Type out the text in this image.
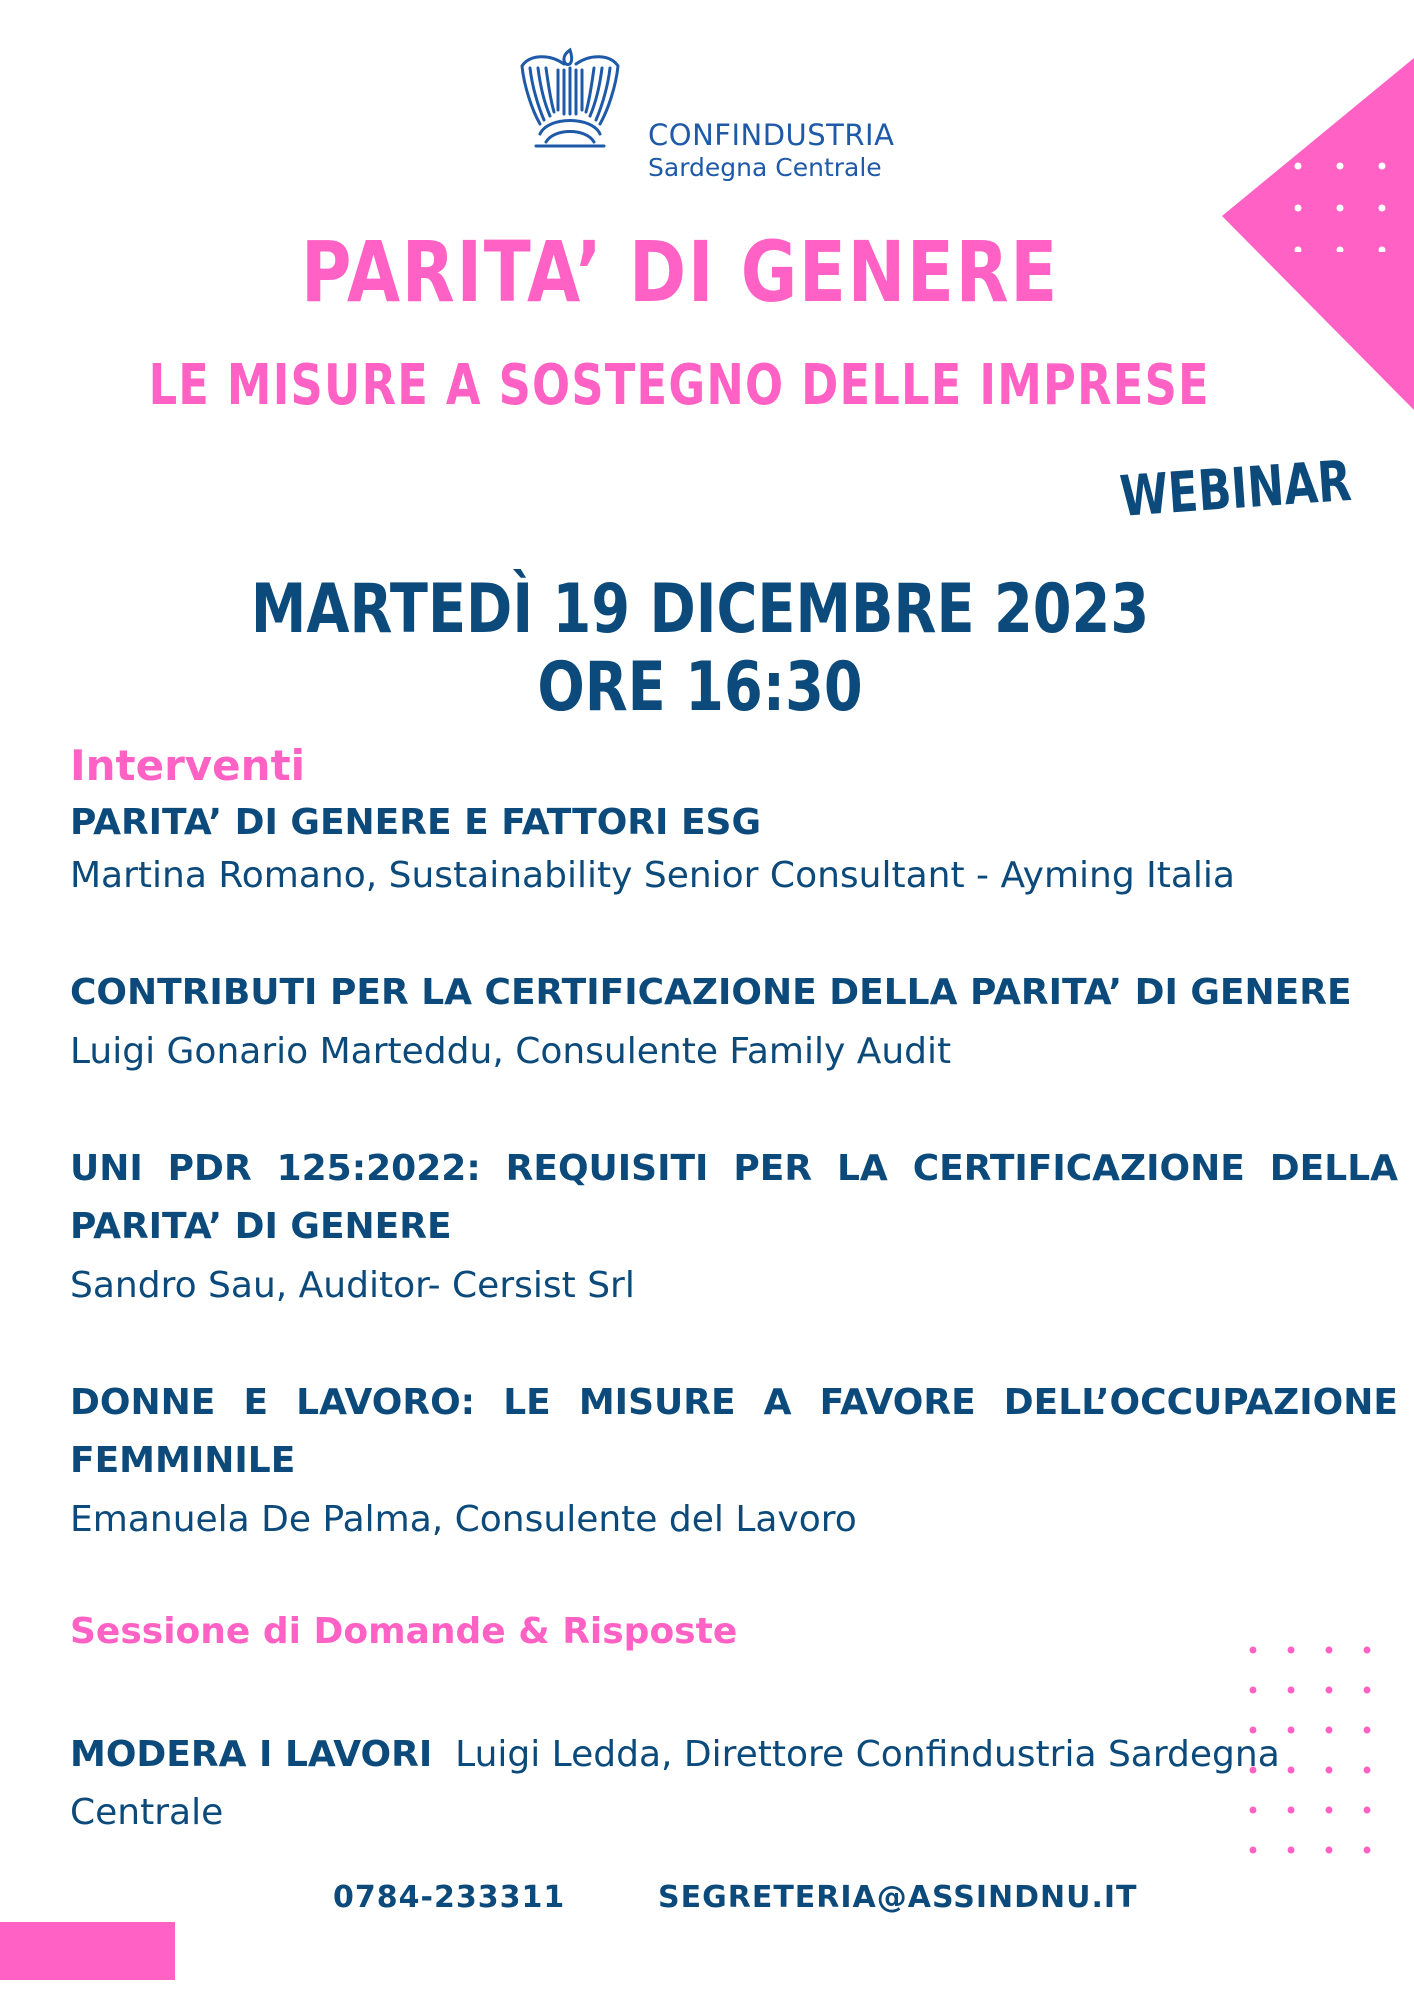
CONFINDUSTRIA
Sardegna Centrale
PARITA’ DI GENERE
LE MISURE A SOSTEGNO DELLE IMPRESE
WEBINAR
MARTEDÌ 19 DICEMBRE 2023
ORE 16:30
Interventi
PARITA’ DI GENERE E FATTORI ESG
Martina Romano, Sustainability Senior Consultant - Ayming Italia
CONTRIBUTI PER LA CERTIFICAZIONE DELLA PARITA’ DI GENERE
Luigi Gonario Marteddu, Consulente Family Audit
UNI PDR 125:2022: REQUISITI PER LA CERTIFICAZIONE DELLA PARITA’ DI GENERE
Sandro Sau, Auditor- Cersist Srl
DONNE E LAVORO: LE MISURE A FAVORE DELL’OCCUPAZIONE FEMMINILE
Emanuela De Palma, Consulente del Lavoro
Sessione di Domande & Risposte
MODERA I LAVORI Luigi Ledda, Direttore Confindustria Sardegna Centrale
0784-233311	SEGRETERIA@ASSINDNU.IT
